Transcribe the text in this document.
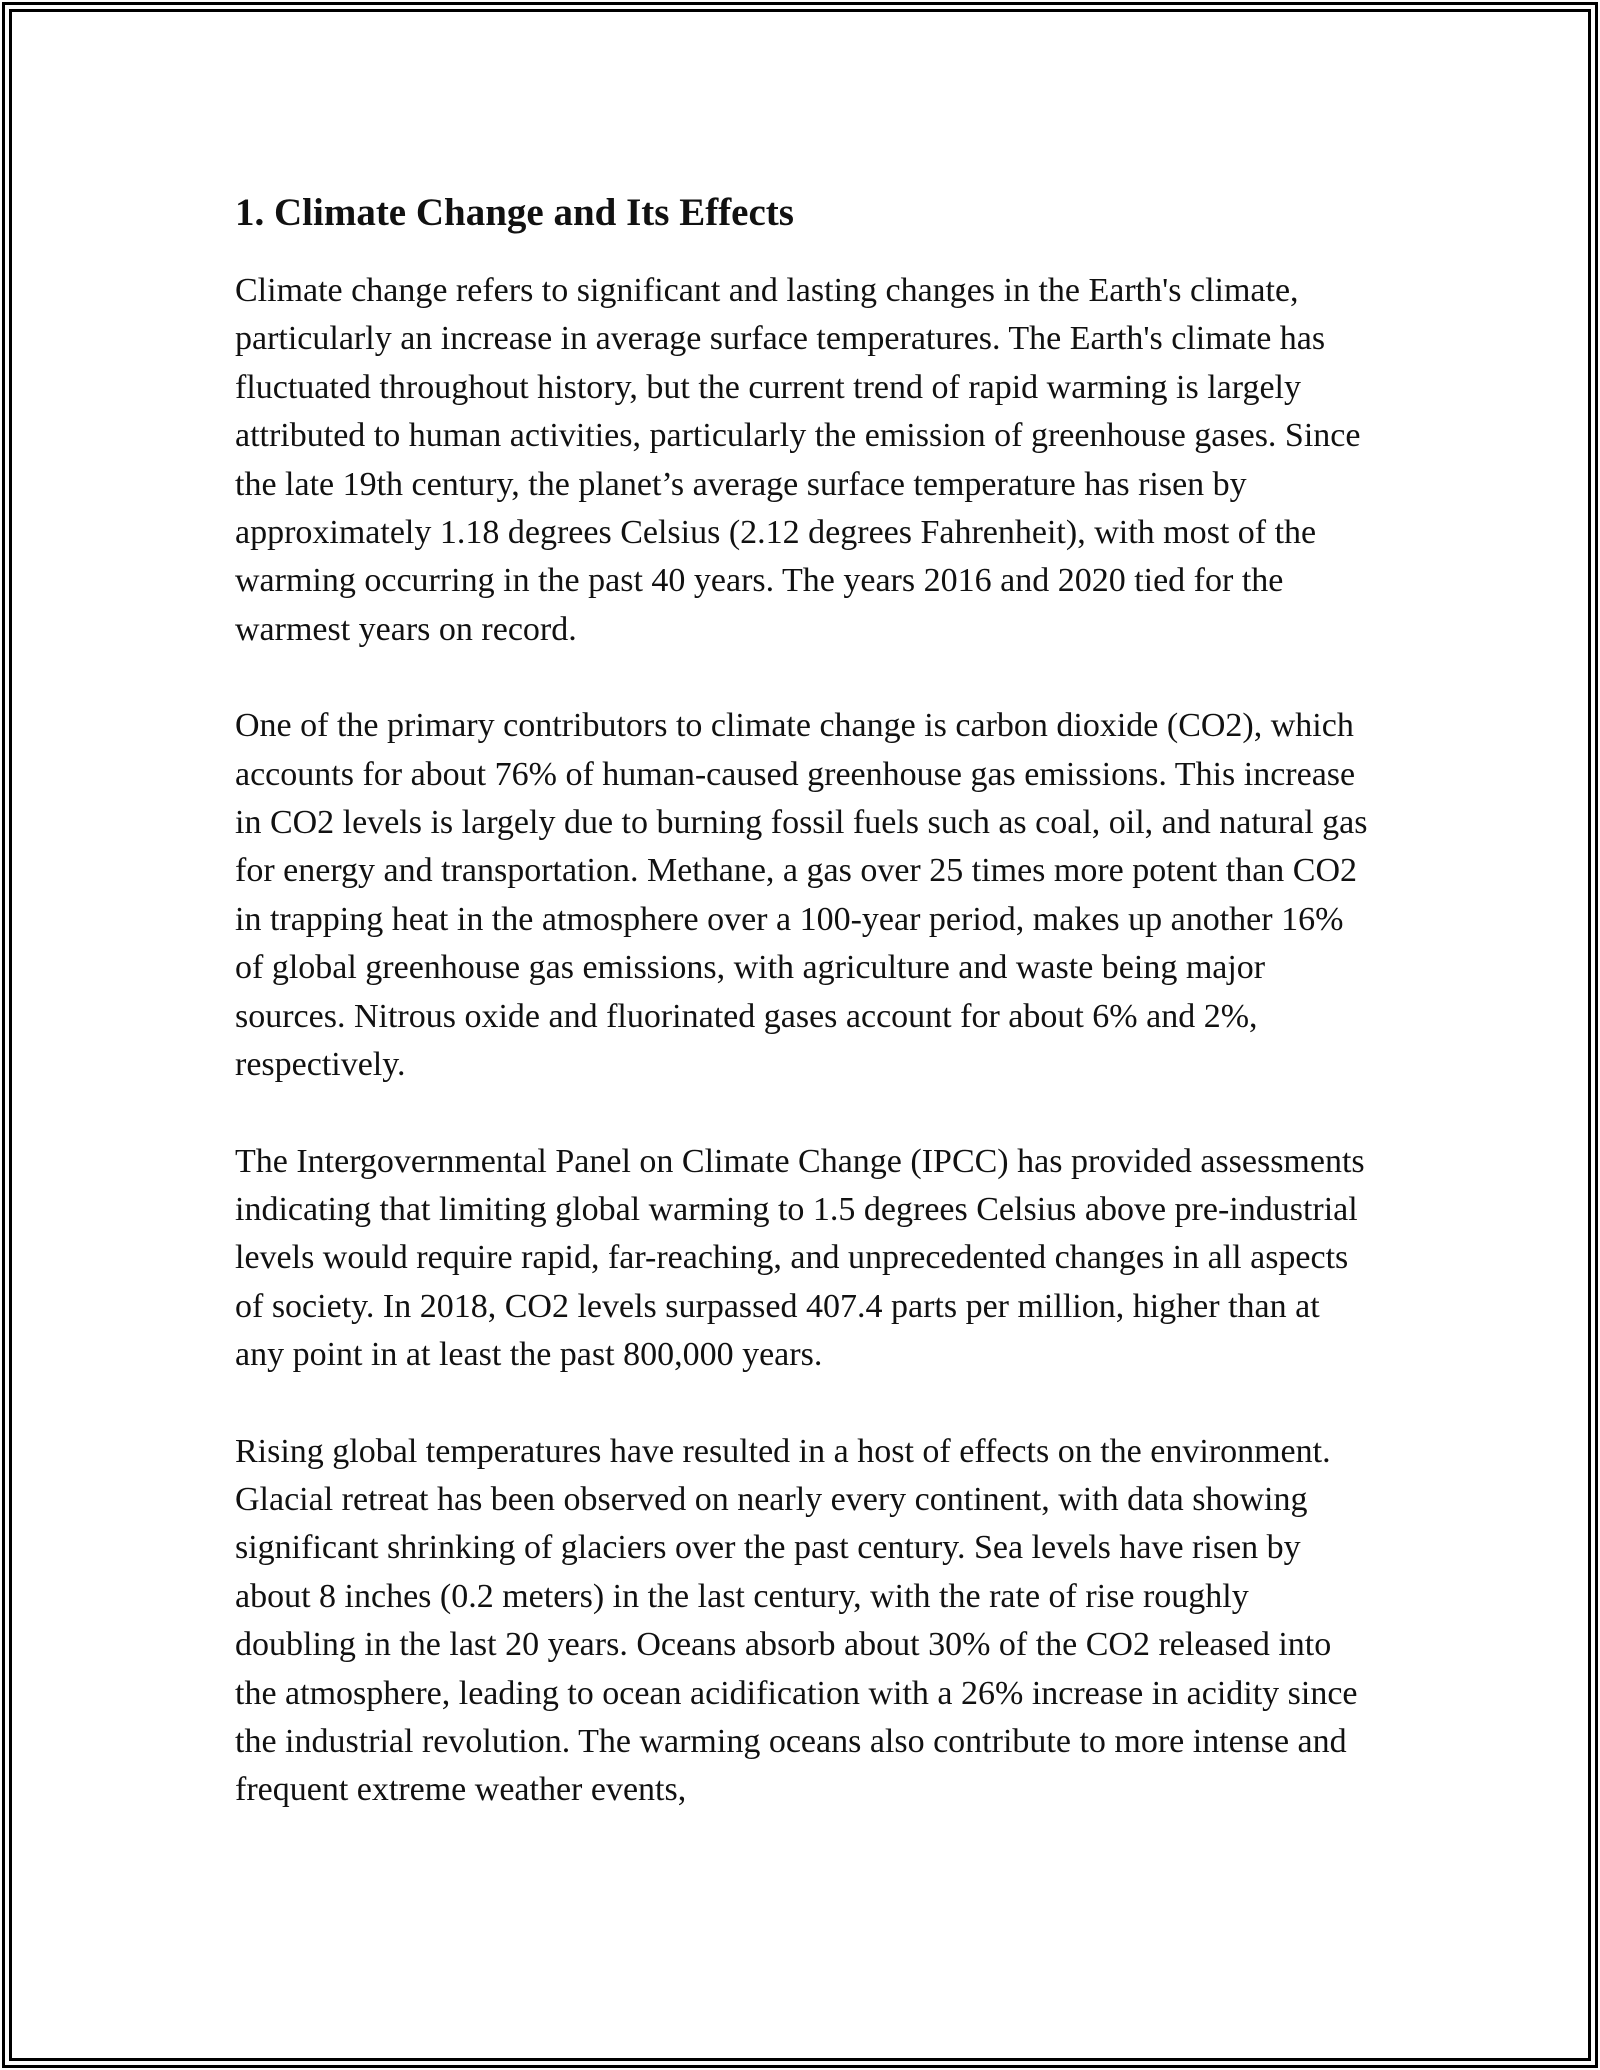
1. Climate Change and Its Effects

Climate change refers to significant and lasting changes in the Earth's climate, particularly an increase in average surface temperatures. The Earth's climate has fluctuated throughout history, but the current trend of rapid warming is largely attributed to human activities, particularly the emission of greenhouse gases. Since the late 19th century, the planet’s average surface temperature has risen by approximately 1.18 degrees Celsius (2.12 degrees Fahrenheit), with most of the warming occurring in the past 40 years. The years 2016 and 2020 tied for the warmest years on record.

One of the primary contributors to climate change is carbon dioxide (CO2), which accounts for about 76% of human-caused greenhouse gas emissions. This increase in CO2 levels is largely due to burning fossil fuels such as coal, oil, and natural gas for energy and transportation. Methane, a gas over 25 times more potent than CO2 in trapping heat in the atmosphere over a 100-year period, makes up another 16% of global greenhouse gas emissions, with agriculture and waste being major sources. Nitrous oxide and fluorinated gases account for about 6% and 2%, respectively.

The Intergovernmental Panel on Climate Change (IPCC) has provided assessments indicating that limiting global warming to 1.5 degrees Celsius above pre-industrial levels would require rapid, far-reaching, and unprecedented changes in all aspects of society. In 2018, CO2 levels surpassed 407.4 parts per million, higher than at any point in at least the past 800,000 years.

Rising global temperatures have resulted in a host of effects on the environment. Glacial retreat has been observed on nearly every continent, with data showing significant shrinking of glaciers over the past century. Sea levels have risen by about 8 inches (0.2 meters) in the last century, with the rate of rise roughly doubling in the last 20 years. Oceans absorb about 30% of the CO2 released into the atmosphere, leading to ocean acidification with a 26% increase in acidity since the industrial revolution. The warming oceans also contribute to more intense and frequent extreme weather events,
